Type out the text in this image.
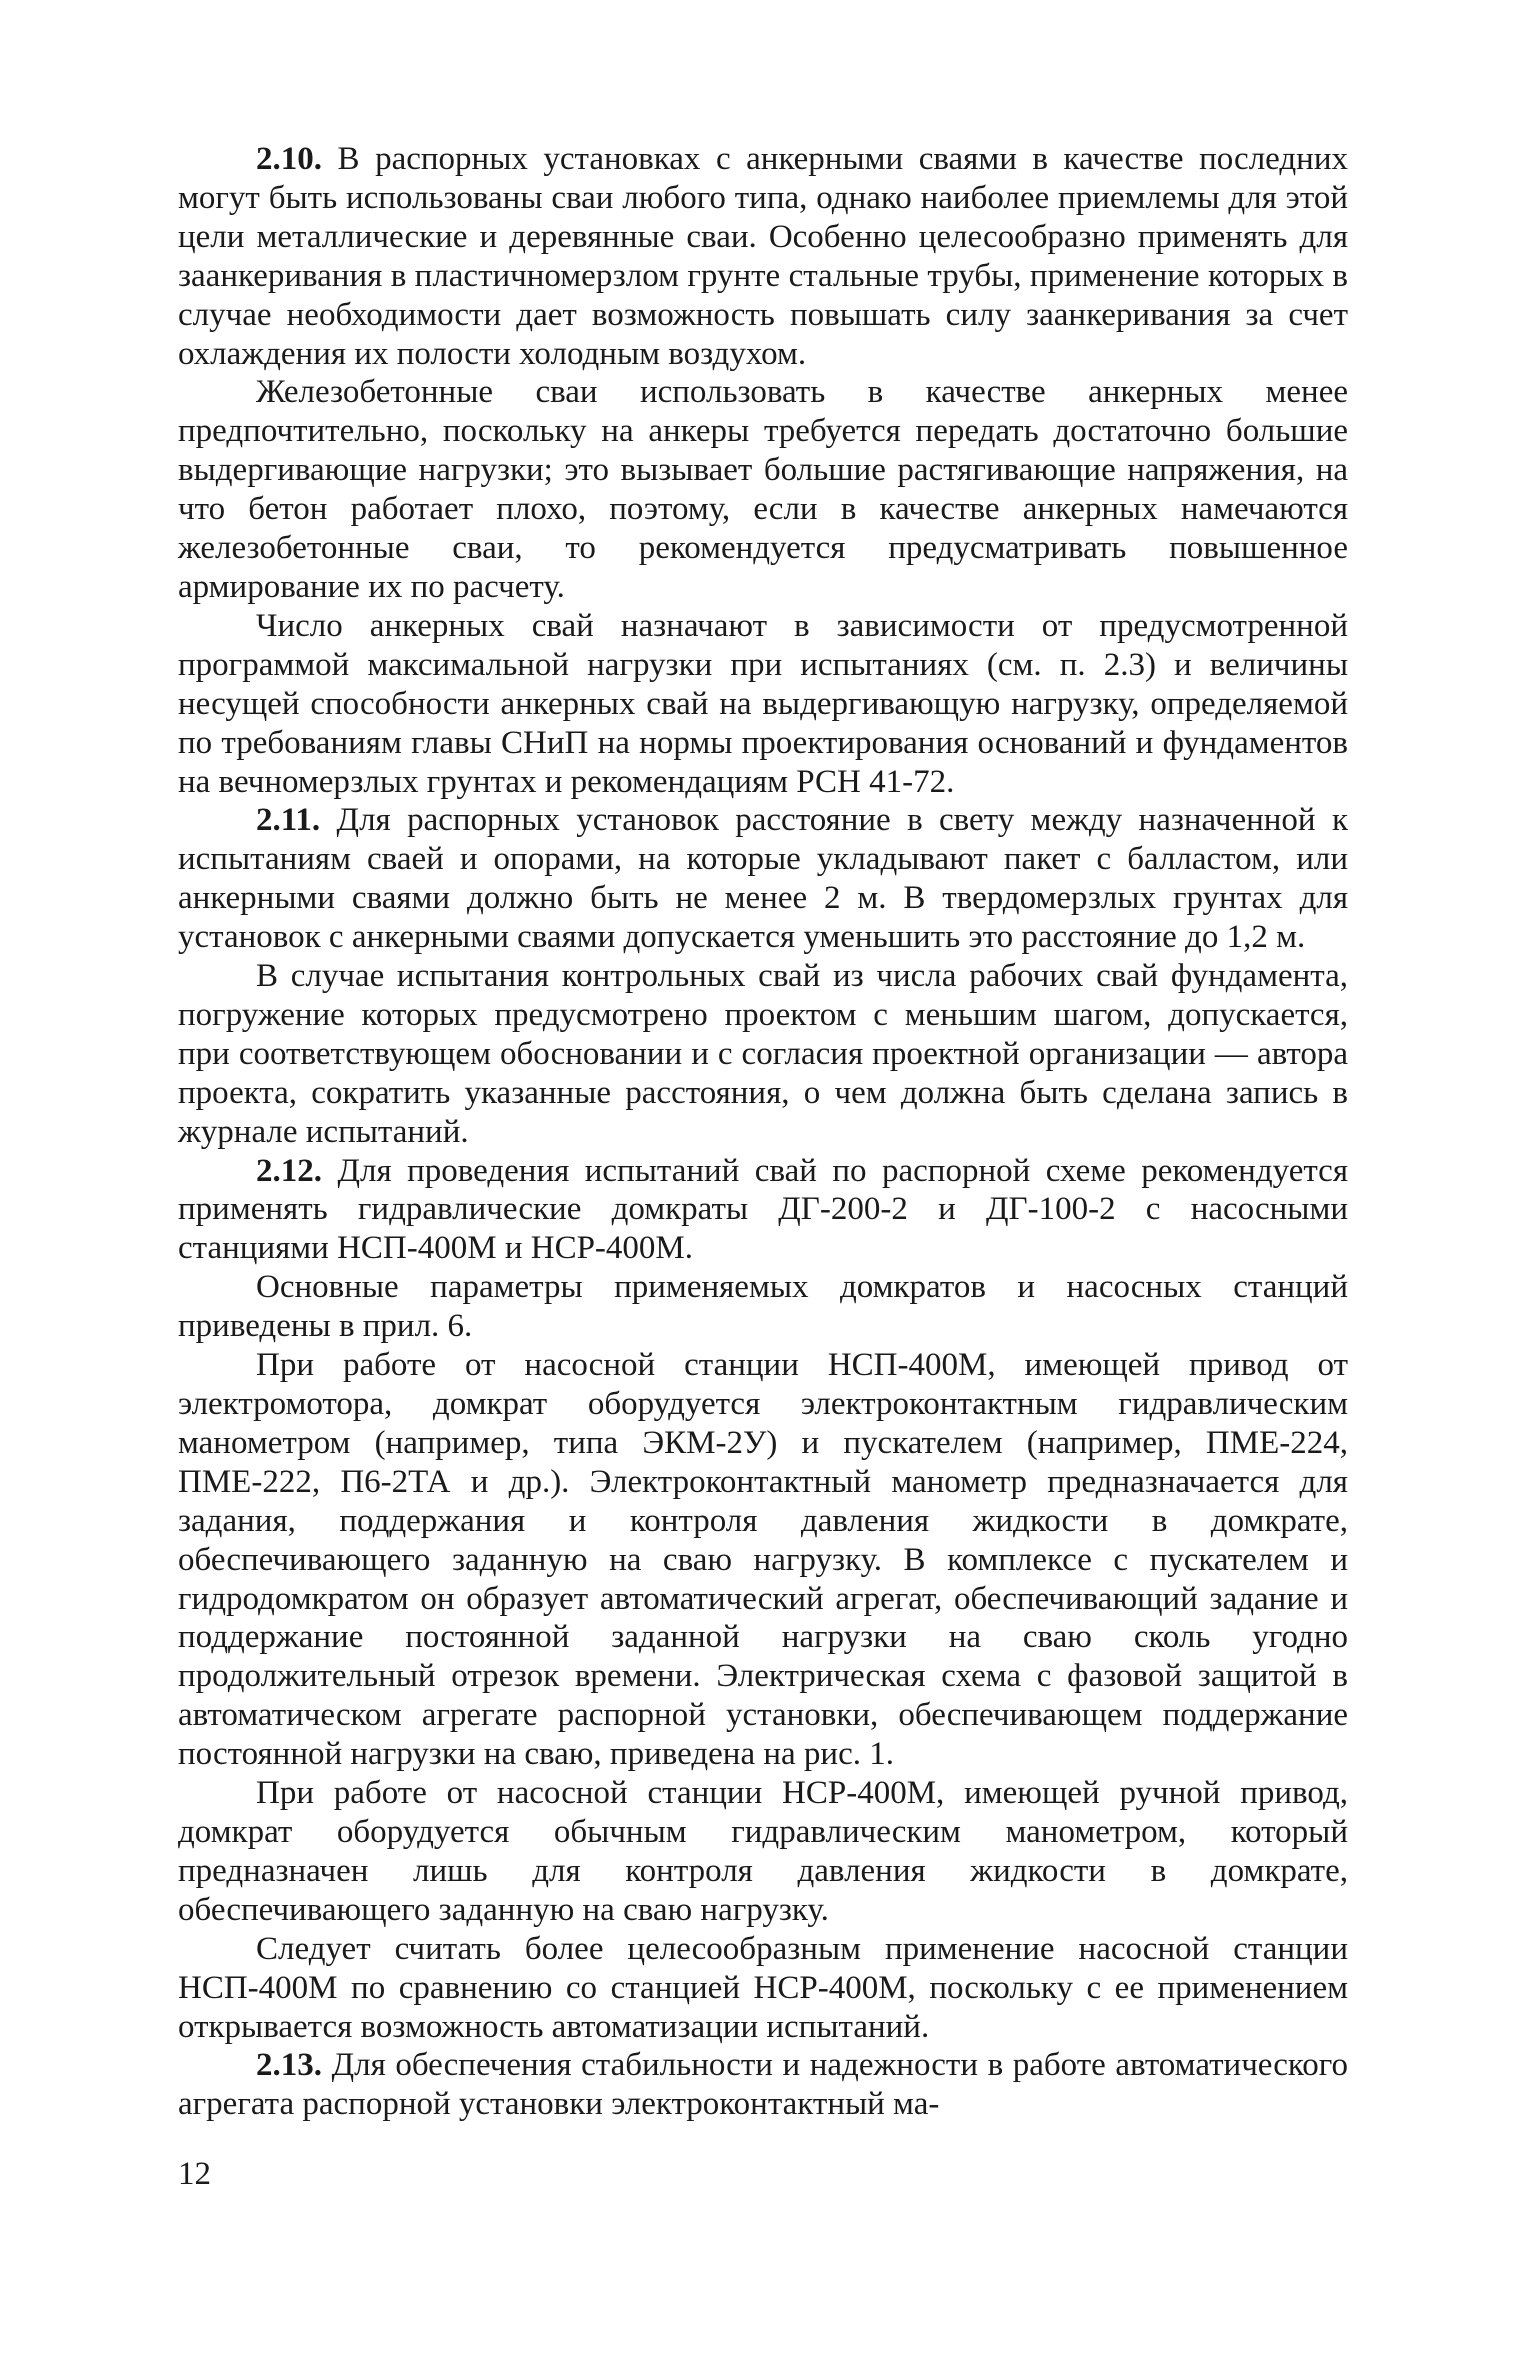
2.10. В распорных установках с анкерными сваями в качестве последних могут быть использованы сваи любого типа, однако наиболее приемлемы для этой цели металлические и деревянные сваи. Особенно целесообразно применять для заанкеривания в пластичномерзлом грунте стальные трубы, применение которых в случае необходимости дает возможность повышать силу заанкеривания за счет охлаждения их полости холодным воздухом.

Железобетонные сваи использовать в качестве анкерных менее предпочтительно, поскольку на анкеры требуется передать достаточно большие выдергивающие нагрузки; это вызывает большие растягивающие напряжения, на что бетон работает плохо, поэтому, если в качестве анкерных намечаются железобетонные сваи, то рекомендуется предусматривать повышенное армирование их по расчету.

Число анкерных свай назначают в зависимости от предусмотренной программой максимальной нагрузки при испытаниях (см. п. 2.3) и величины несущей способности анкерных свай на выдергивающую нагрузку, определяемой по требованиям главы СНиП на нормы проектирования оснований и фундаментов на вечномерзлых грунтах и рекомендациям РСН 41-72.

2.11. Для распорных установок расстояние в свету между назначенной к испытаниям сваей и опорами, на которые укладывают пакет с балластом, или анкерными сваями должно быть не менее 2 м. В твердомерзлых грунтах для установок с анкерными сваями допускается уменьшить это расстояние до 1,2 м.

В случае испытания контрольных свай из числа рабочих свай фундамента, погружение которых предусмотрено проектом с меньшим шагом, допускается, при соответствующем обосновании и с согласия проектной организации — автора проекта, сократить указанные расстояния, о чем должна быть сделана запись в журнале испытаний.

2.12. Для проведения испытаний свай по распорной схеме рекомендуется применять гидравлические домкраты ДГ-200-2 и ДГ-100-2 с насосными станциями НСП-400М и НСР-400М.

Основные параметры применяемых домкратов и насосных станций приведены в прил. 6.

При работе от насосной станции НСП-400М, имеющей привод от электромотора, домкрат оборудуется электроконтактным гидравлическим манометром (например, типа ЭКМ-2У) и пускателем (например, ПМЕ-224, ПМЕ-222, П6-2ТА и др.). Электроконтактный манометр предназначается для задания, поддержания и контроля давления жидкости в домкрате, обеспечивающего заданную на сваю нагрузку. В комплексе с пускателем и гидродомкратом он образует автоматический агрегат, обеспечивающий задание и поддержание постоянной заданной нагрузки на сваю сколь угодно продолжительный отрезок времени. Электрическая схема с фазовой защитой в автоматическом агрегате распорной установки, обеспечивающем поддержание постоянной нагрузки на сваю, приведена на рис. 1.

При работе от насосной станции НСР-400М, имеющей ручной привод, домкрат оборудуется обычным гидравлическим манометром, который предназначен лишь для контроля давления жидкости в домкрате, обеспечивающего заданную на сваю нагрузку.

Следует считать более целесообразным применение насосной станции НСП-400М по сравнению со станцией НСР-400М, поскольку с ее применением открывается возможность автоматизации испытаний.

2.13. Для обеспечения стабильности и надежности в работе автоматического агрегата распорной установки электроконтактный ма-

12
